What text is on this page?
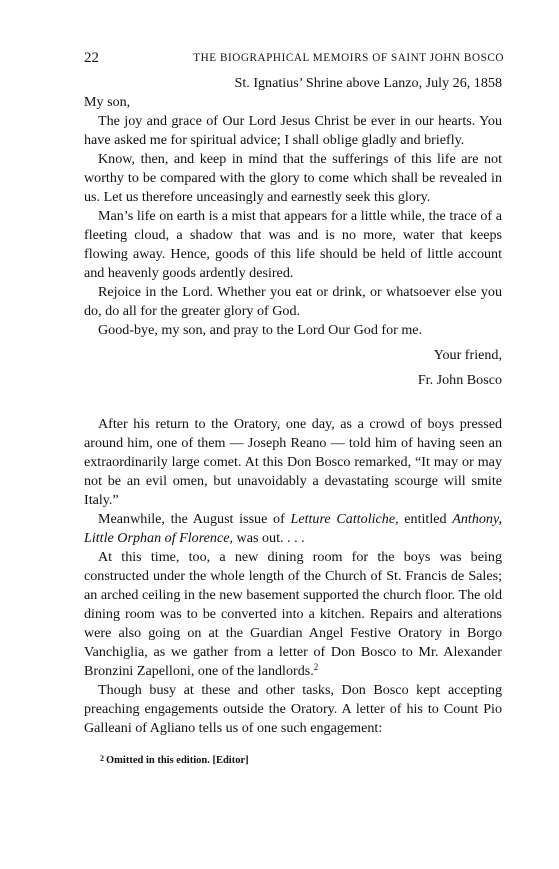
22	THE BIOGRAPHICAL MEMOIRS OF SAINT JOHN BOSCO

St. Ignatius’ Shrine above Lanzo, July 26, 1858

My son,

The joy and grace of Our Lord Jesus Christ be ever in our hearts. You have asked me for spiritual advice; I shall oblige gladly and briefly.

Know, then, and keep in mind that the sufferings of this life are not worthy to be compared with the glory to come which shall be revealed in us. Let us therefore unceasingly and earnestly seek this glory.

Man’s life on earth is a mist that appears for a little while, the trace of a fleeting cloud, a shadow that was and is no more, water that keeps flowing away. Hence, goods of this life should be held of little account and heavenly goods ardently desired.

Rejoice in the Lord. Whether you eat or drink, or whatsoever else you do, do all for the greater glory of God.

Good-bye, my son, and pray to the Lord Our God for me.

Your friend,

Fr. John Bosco

After his return to the Oratory, one day, as a crowd of boys pressed around him, one of them — Joseph Reano — told him of having seen an extraordinarily large comet. At this Don Bosco remarked, “It may or may not be an evil omen, but unavoidably a devastating scourge will smite Italy.”

Meanwhile, the August issue of Letture Cattoliche, entitled Anthony, Little Orphan of Florence, was out. . . .

At this time, too, a new dining room for the boys was being constructed under the whole length of the Church of St. Francis de Sales; an arched ceiling in the new basement supported the church floor. The old dining room was to be converted into a kitchen. Repairs and alterations were also going on at the Guardian Angel Festive Oratory in Borgo Vanchiglia, as we gather from a letter of Don Bosco to Mr. Alexander Bronzini Zapelloni, one of the landlords.$^2$

Though busy at these and other tasks, Don Bosco kept accepting preaching engagements outside the Oratory. A letter of his to Count Pio Galleani of Agliano tells us of one such engagement:

$^2$ Omitted in this edition. [Editor]
